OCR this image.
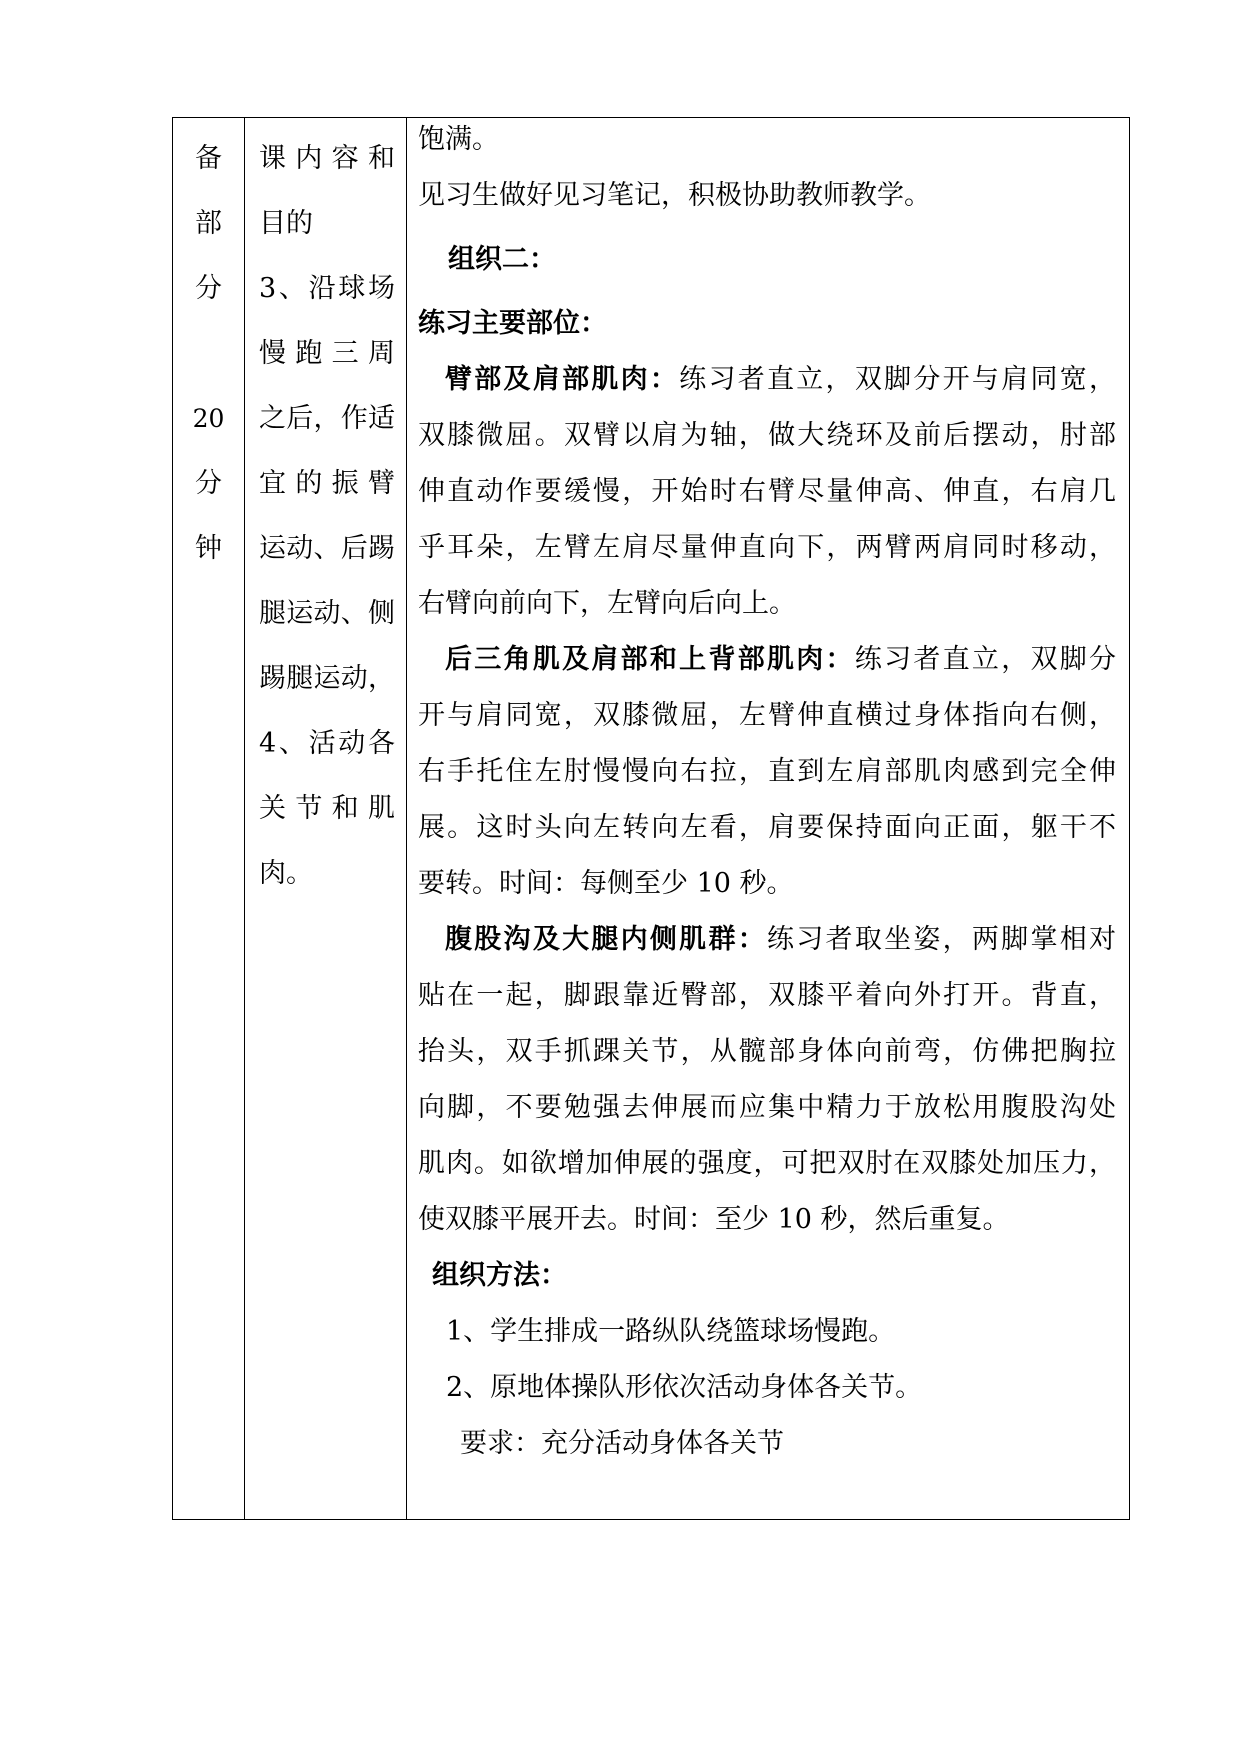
备
部
分
20
分
钟
课内容和
目的
3、沿球场
慢跑三周
之后，作适
宜的振臂
运动、后踢
腿运动、侧
踢腿运动，
4、活动各
关节和肌
肉。
饱满。
见习生做好见习笔记，积极协助教师教学。
组织二：
练习主要部位：
臂部及肩部肌肉：练习者直立，双脚分开与肩同宽，
双膝微屈。双臂以肩为轴，做大绕环及前后摆动，肘部
伸直动作要缓慢，开始时右臂尽量伸高、伸直，右肩几
乎耳朵，左臂左肩尽量伸直向下，两臂两肩同时移动，
右臂向前向下，左臂向后向上。
后三角肌及肩部和上背部肌肉：练习者直立，双脚分
开与肩同宽，双膝微屈，左臂伸直横过身体指向右侧，
右手托住左肘慢慢向右拉，直到左肩部肌肉感到完全伸
展。这时头向左转向左看，肩要保持面向正面，躯干不
要转。时间：每侧至少 10 秒。
腹股沟及大腿内侧肌群：练习者取坐姿，两脚掌相对
贴在一起，脚跟靠近臀部，双膝平着向外打开。背直，
抬头，双手抓踝关节，从髋部身体向前弯，仿佛把胸拉
向脚，不要勉强去伸展而应集中精力于放松用腹股沟处
肌肉。如欲增加伸展的强度，可把双肘在双膝处加压力，
使双膝平展开去。时间：至少 10 秒，然后重复。
组织方法：
1、学生排成一路纵队绕篮球场慢跑。
2、原地体操队形依次活动身体各关节。
要求：充分活动身体各关节
